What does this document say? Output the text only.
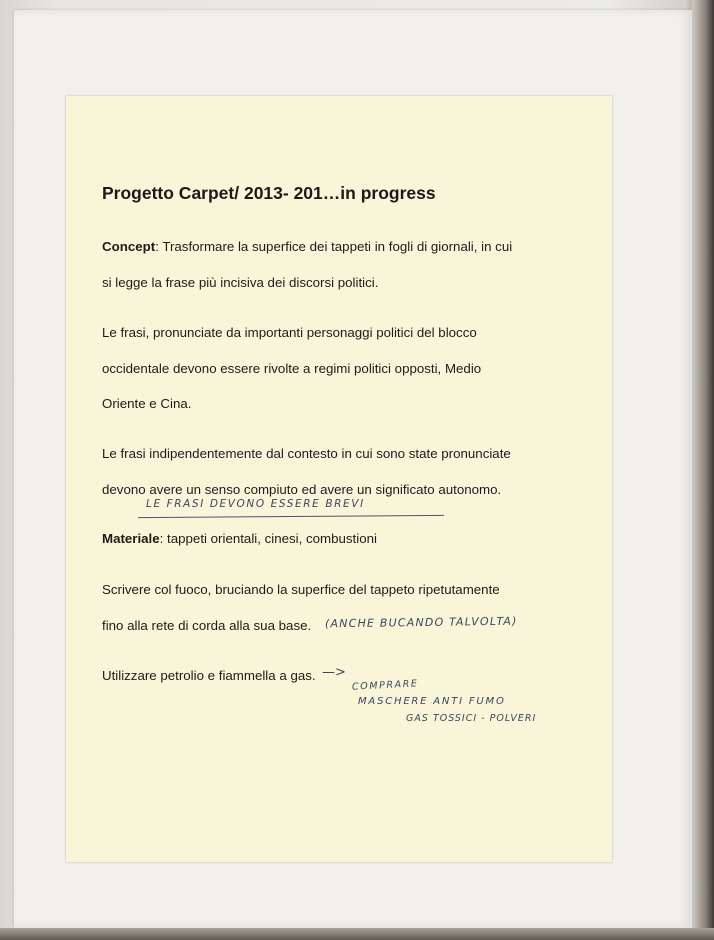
Progetto Carpet/ 2013- 201…in progress

Concept: Trasformare la superfice dei tappeti in fogli di giornali, in cui

si legge la frase più incisiva dei discorsi politici.

Le frasi, pronunciate da importanti personaggi politici del blocco

occidentale devono essere rivolte a regimi politici opposti, Medio

Oriente e Cina.

Le frasi indipendentemente dal contesto in cui sono state pronunciate

devono avere un senso compiuto ed avere un significato autonomo.

LE FRASI DEVONO ESSERE BREVI

Materiale: tappeti orientali, cinesi, combustioni

Scrivere col fuoco, bruciando la superfice del tappeto ripetutamente

fino alla rete di corda alla sua base. (ANCHE BUCANDO TALVOLTA)

Utilizzare petrolio e fiammella a gas. —>

COMPRARE

MASCHERE ANTI FUMO

GAS TOSSICI - POLVERI
